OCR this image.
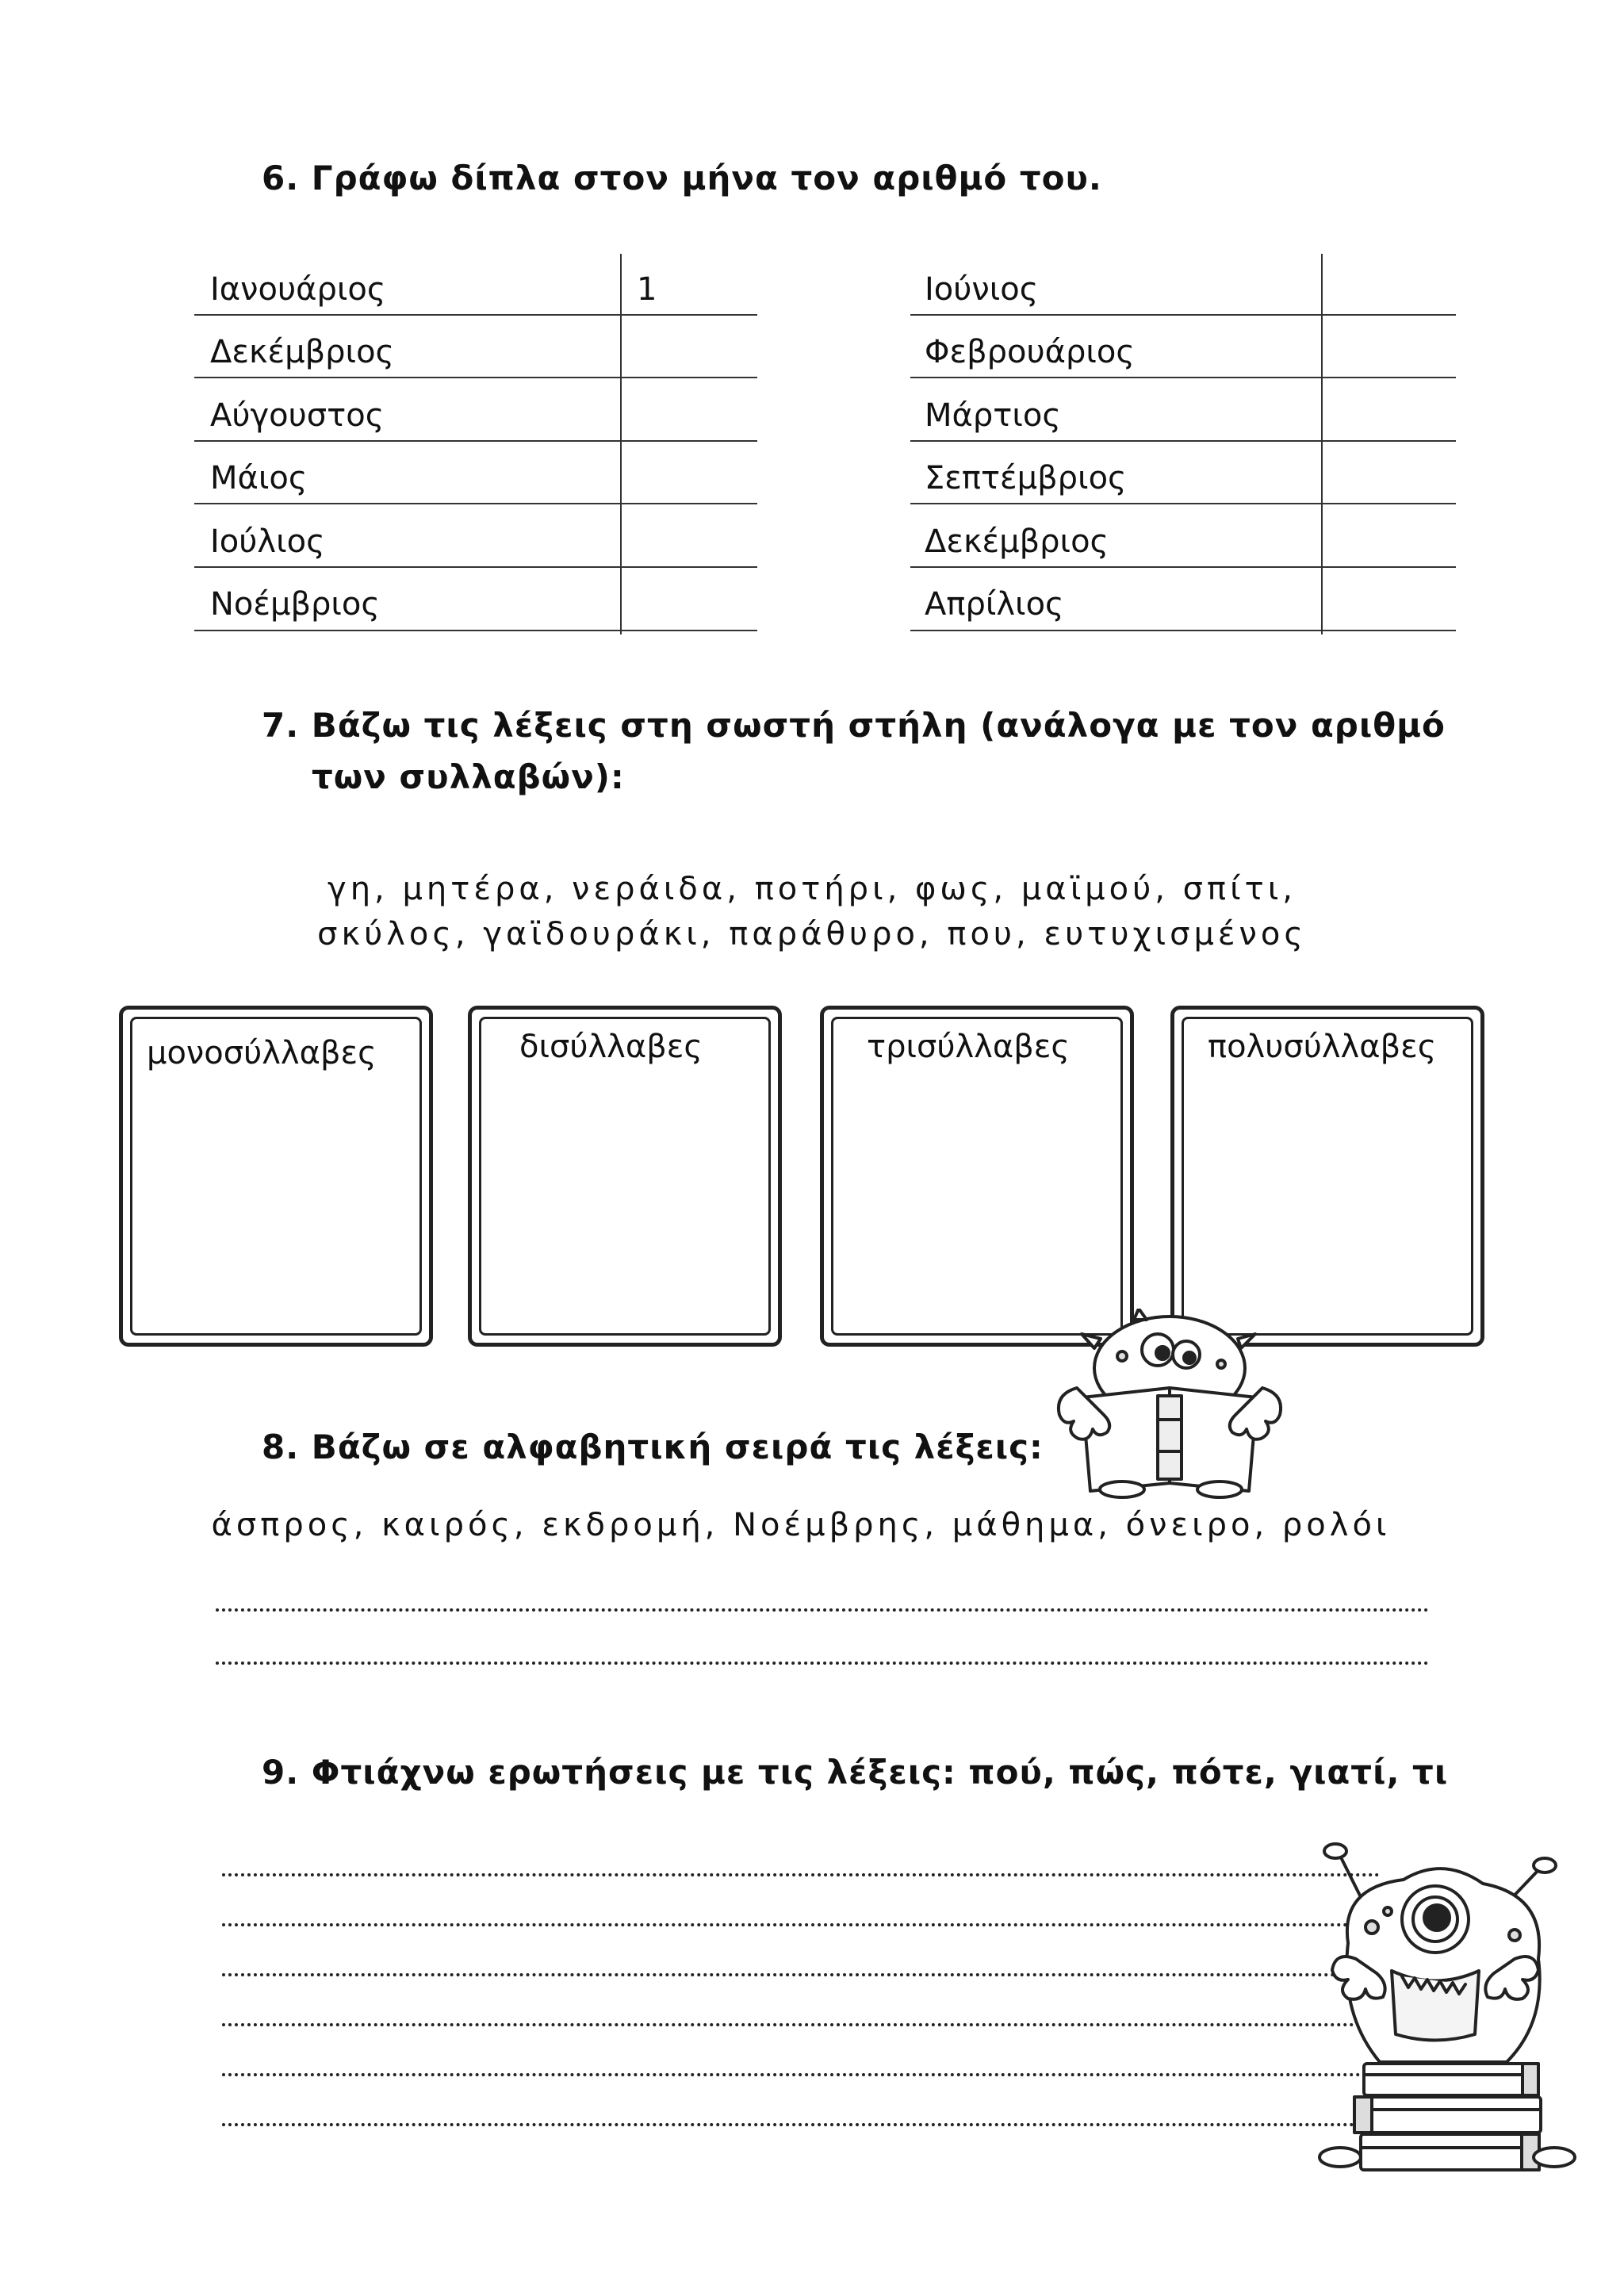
6. Γράφω δίπλα στον μήνα τον αριθμό του.
Ιανουάριος	1
Δεκέμβριος
Αύγουστος
Μάιος
Ιούλιος
Νοέμβριος
Ιούνιος
Φεβρουάριος
Μάρτιος
Σεπτέμβριος
Δεκέμβριος
Απρίλιος
7. Βάζω τις λέξεις στη σωστή στήλη (ανάλογα με τον αριθμό
των συλλαβών):
γη, μητέρα, νεράιδα, ποτήρι, φως, μαϊμού, σπίτι,
σκύλος, γαϊδουράκι, παράθυρο, που, ευτυχισμένος
μονοσύλλαβες	δισύλλαβες	τρισύλλαβες	πολυσύλλαβες
8. Βάζω σε αλφαβητική σειρά τις λέξεις:
άσπρος, καιρός, εκδρομή, Νοέμβρης, μάθημα, όνειρο, ρολόι
9. Φτιάχνω ερωτήσεις με τις λέξεις: πού, πώς, πότε, γιατί, τι
